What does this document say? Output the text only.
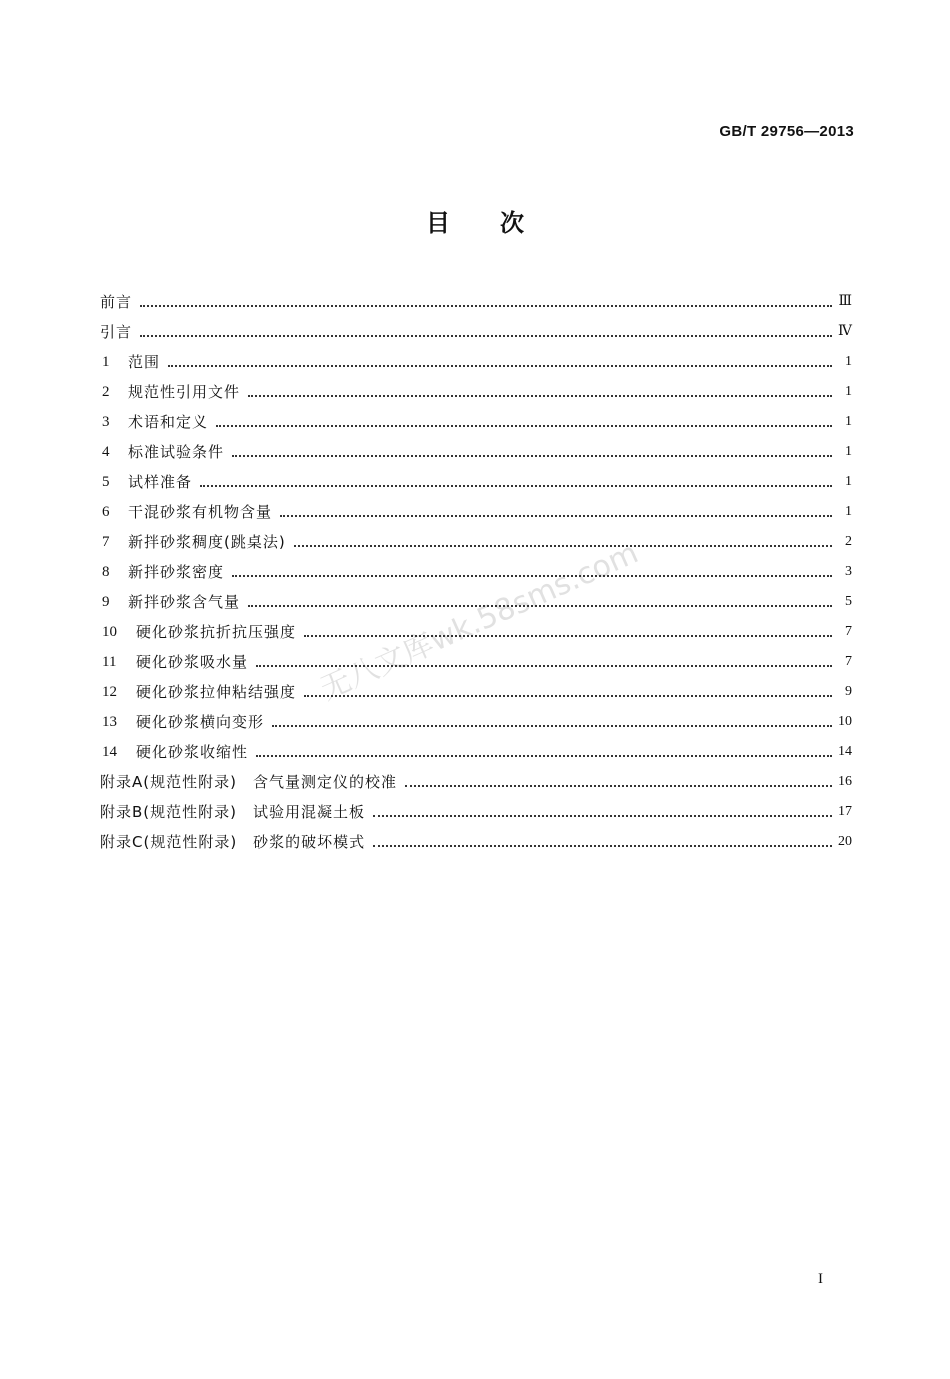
GB/T 29756—2013
目次
无八文库wk.58sms.com
前言	Ⅲ
引言	Ⅳ
1	范围	1
2	规范性引用文件	1
3	术语和定义	1
4	标准试验条件	1
5	试样准备	1
6	干混砂浆有机物含量	1
7	新拌砂浆稠度(跳桌法)	2
8	新拌砂浆密度	3
9	新拌砂浆含气量	5
10	硬化砂浆抗折抗压强度	7
11	硬化砂浆吸水量	7
12	硬化砂浆拉伸粘结强度	9
13	硬化砂浆横向变形	10
14	硬化砂浆收缩性	14
附录A(规范性附录)　含气量测定仪的校准	16
附录B(规范性附录)　试验用混凝土板	17
附录C(规范性附录)　砂浆的破坏模式	20
I
